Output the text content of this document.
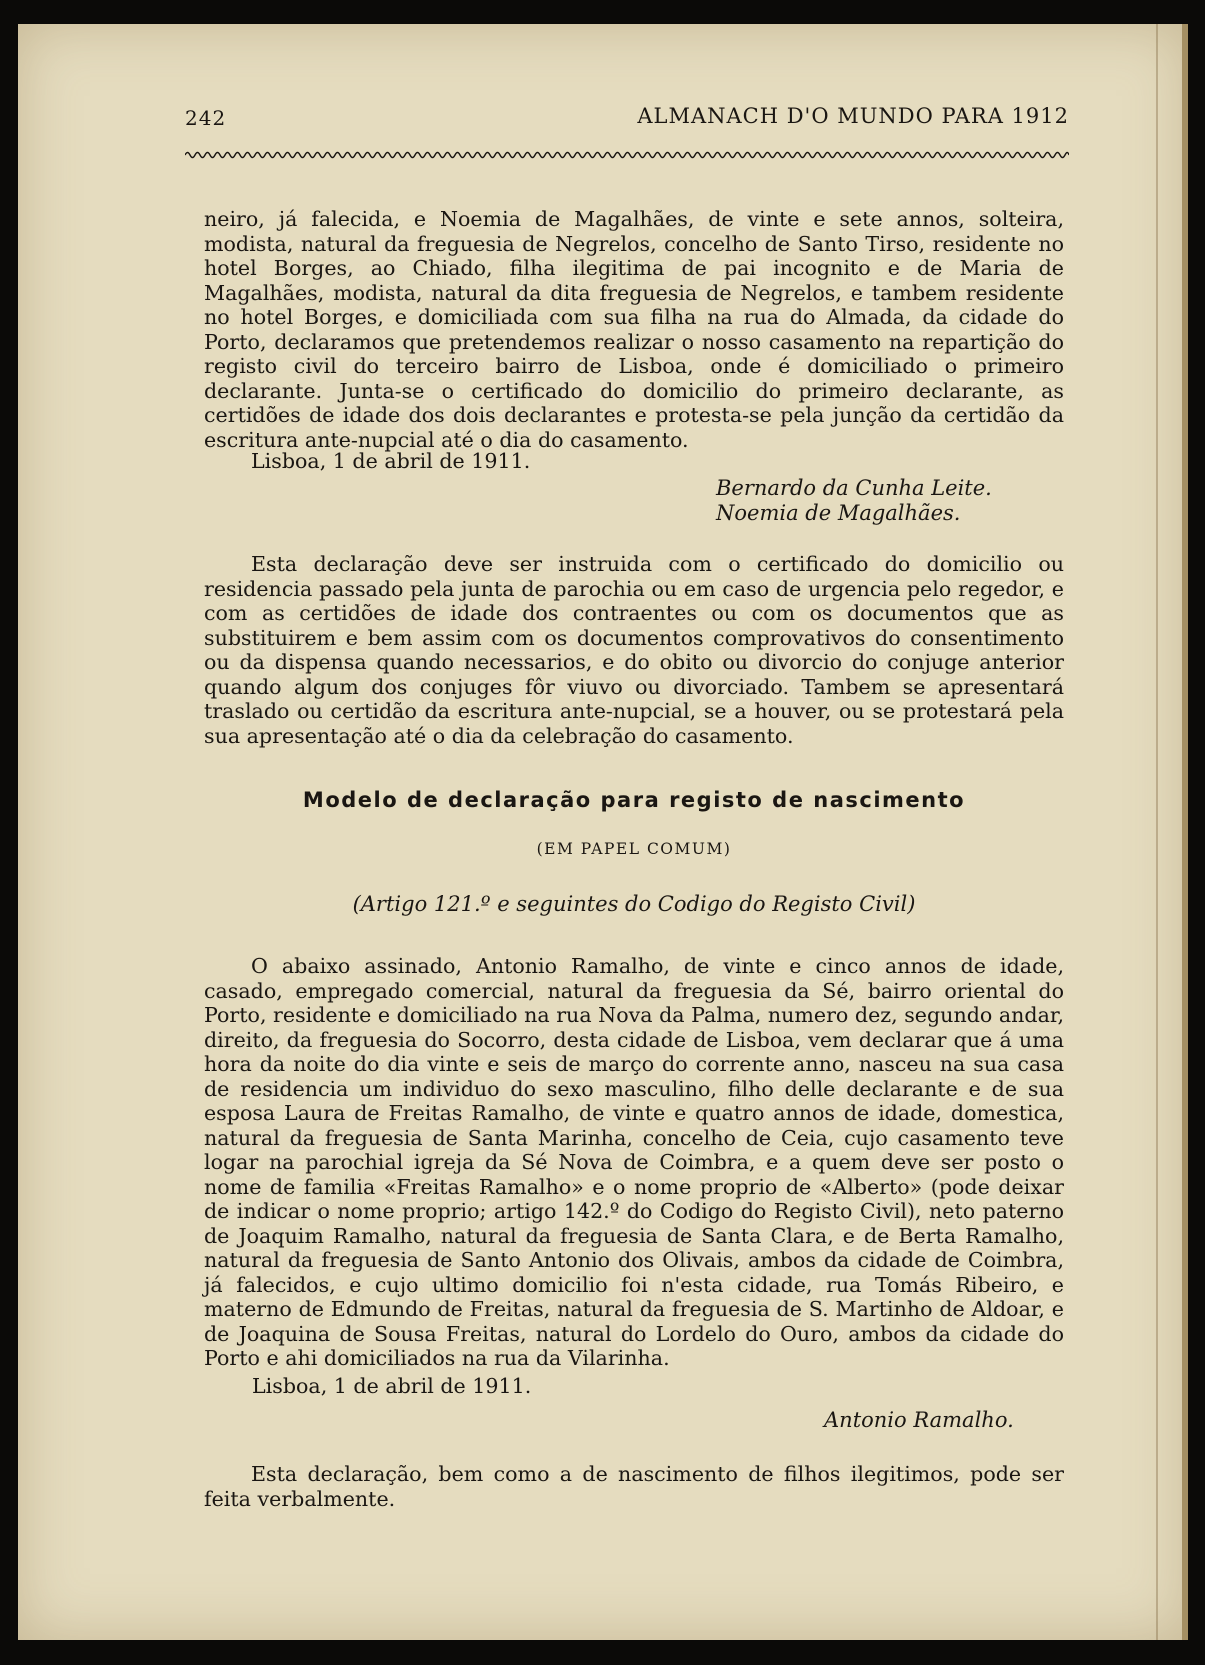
242	ALMANACH D'O MUNDO PARA 1912

neiro, já falecida, e Noemia de Magalhães, de vinte e sete annos, solteira, modista, natural da freguesia de Negrelos, concelho de Santo Tirso, residente no hotel Borges, ao Chiado, filha ilegitima de pai incognito e de Maria de Magalhães, modista, natural da dita freguesia de Negrelos, e tambem residente no hotel Borges, e domiciliada com sua filha na rua do Almada, da cidade do Porto, declaramos que pretendemos realizar o nosso casamento na repartição do registo civil do terceiro bairro de Lisboa, onde é domiciliado o primeiro declarante. Junta-se o certificado do domicilio do primeiro declarante, as certidões de idade dos dois declarantes e protesta-se pela junção da certidão da escritura ante-nupcial até o dia do casamento.

Lisboa, 1 de abril de 1911.
Bernardo da Cunha Leite.
Noemia de Magalhães.

Esta declaração deve ser instruida com o certificado do domicilio ou residencia passado pela junta de parochia ou em caso de urgencia pelo regedor, e com as certidões de idade dos contraentes ou com os documentos que as substituirem e bem assim com os documentos comprovativos do consentimento ou da dispensa quando necessarios, e do obito ou divorcio do conjuge anterior quando algum dos conjuges fôr viuvo ou divorciado. Tambem se apresentará traslado ou certidão da escritura ante-nupcial, se a houver, ou se protestará pela sua apresentação até o dia da celebração do casamento.

Modelo de declaração para registo de nascimento
(EM PAPEL COMUM)
(Artigo 121.º e seguintes do Codigo do Registo Civil)

O abaixo assinado, Antonio Ramalho, de vinte e cinco annos de idade, casado, empregado comercial, natural da freguesia da Sé, bairro oriental do Porto, residente e domiciliado na rua Nova da Palma, numero dez, segundo andar, direito, da freguesia do Socorro, desta cidade de Lisboa, vem declarar que á uma hora da noite do dia vinte e seis de março do corrente anno, nasceu na sua casa de residencia um individuo do sexo masculino, filho delle declarante e de sua esposa Laura de Freitas Ramalho, de vinte e quatro annos de idade, domestica, natural da freguesia de Santa Marinha, concelho de Ceia, cujo casamento teve logar na parochial igreja da Sé Nova de Coimbra, e a quem deve ser posto o nome de familia «Freitas Ramalho» e o nome proprio de «Alberto» (pode deixar de indicar o nome proprio; artigo 142.º do Codigo do Registo Civil), neto paterno de Joaquim Ramalho, natural da freguesia de Santa Clara, e de Berta Ramalho, natural da freguesia de Santo Antonio dos Olivais, ambos da cidade de Coimbra, já falecidos, e cujo ultimo domicilio foi n'esta cidade, rua Tomás Ribeiro, e materno de Edmundo de Freitas, natural da freguesia de S. Martinho de Aldoar, e de Joaquina de Sousa Freitas, natural do Lordelo do Ouro, ambos da cidade do Porto e ahi domiciliados na rua da Vilarinha.

Lisboa, 1 de abril de 1911.
Antonio Ramalho.

Esta declaração, bem como a de nascimento de filhos ilegitimos, pode ser feita verbalmente.
